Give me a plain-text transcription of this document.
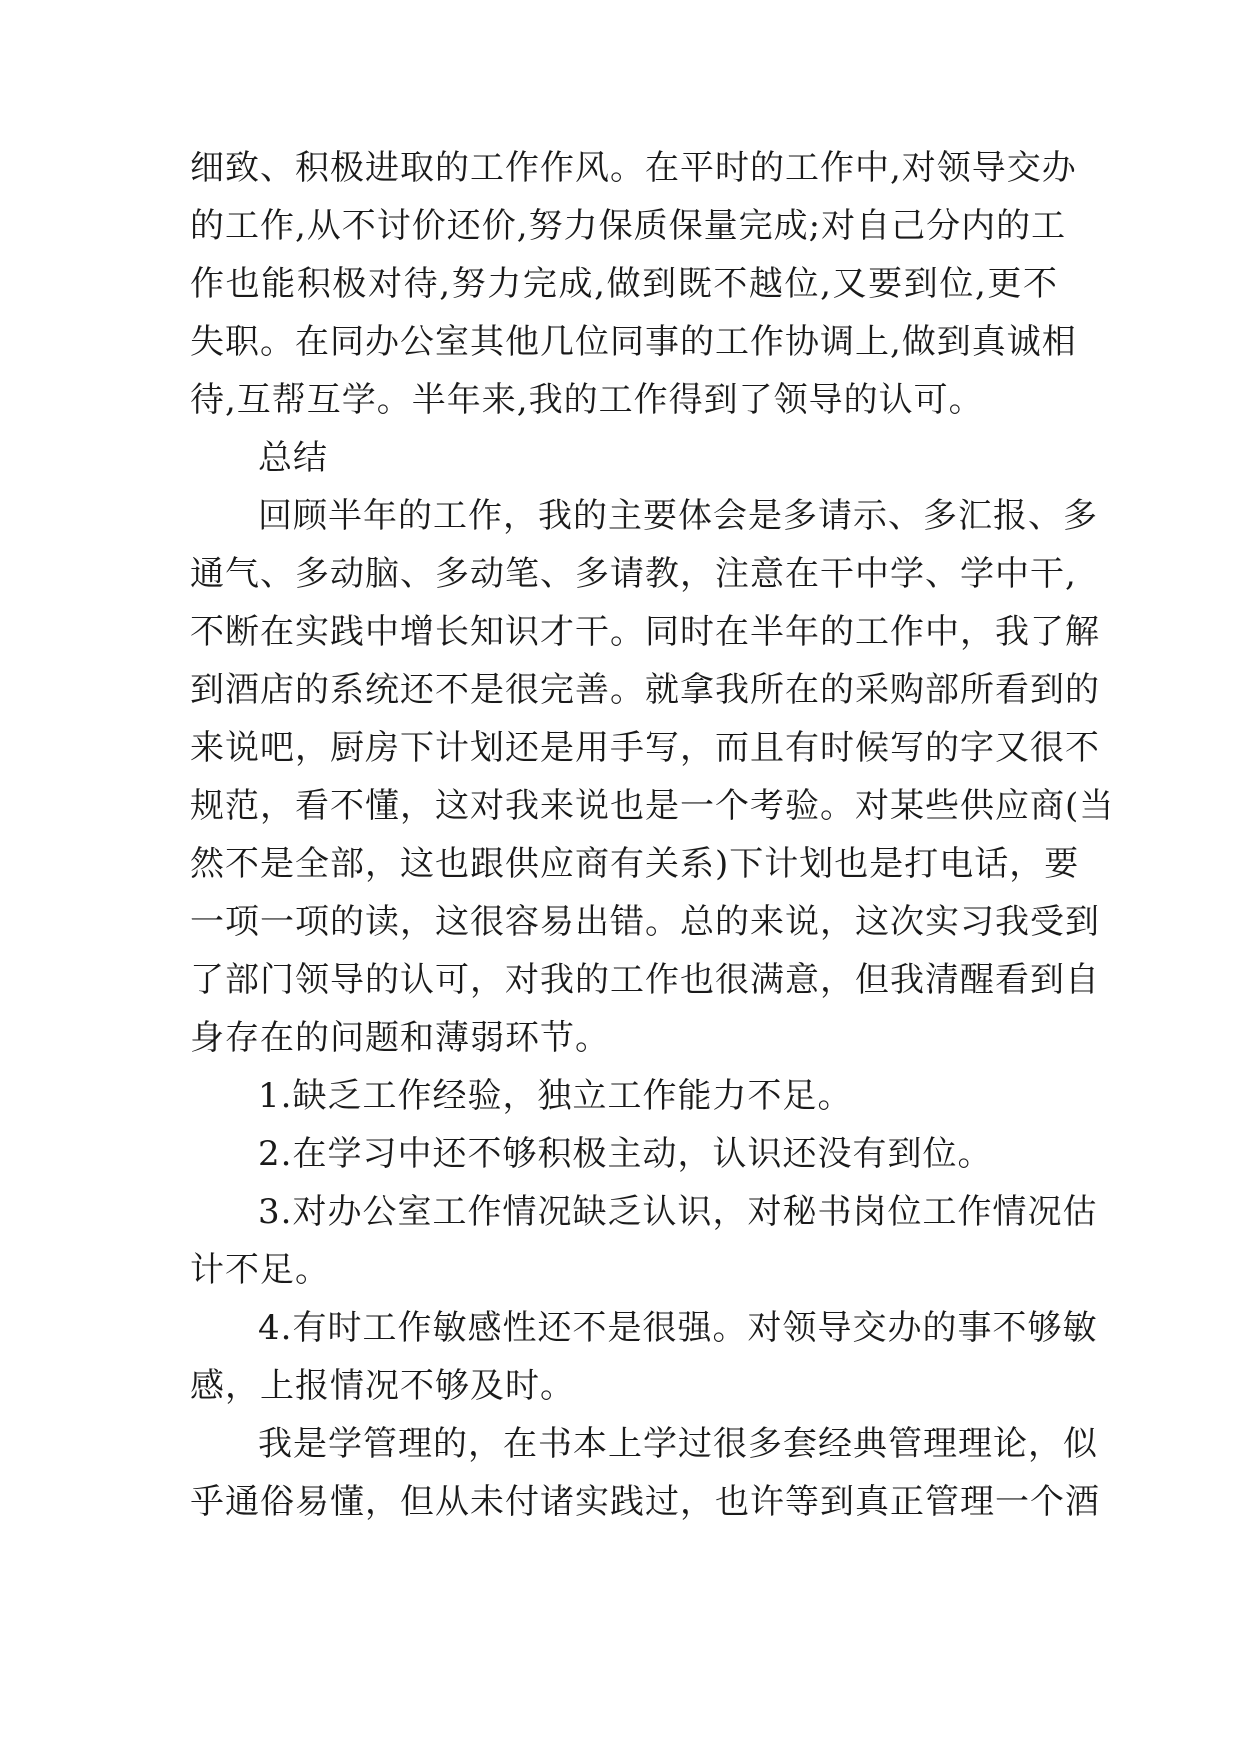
细致、积极进取的工作作风。在平时的工作中,对领导交办
的工作,从不讨价还价,努力保质保量完成;对自己分内的工
作也能积极对待,努力完成,做到既不越位,又要到位,更不
失职。在同办公室其他几位同事的工作协调上,做到真诚相
待,互帮互学。半年来,我的工作得到了领导的认可。
总结
回顾半年的工作，我的主要体会是多请示、多汇报、多
通气、多动脑、多动笔、多请教，注意在干中学、学中干,
不断在实践中增长知识才干。同时在半年的工作中，我了解
到酒店的系统还不是很完善。就拿我所在的采购部所看到的
来说吧，厨房下计划还是用手写，而且有时候写的字又很不
规范，看不懂，这对我来说也是一个考验。对某些供应商(当
然不是全部，这也跟供应商有关系)下计划也是打电话，要
一项一项的读，这很容易出错。总的来说，这次实习我受到
了部门领导的认可，对我的工作也很满意，但我清醒看到自
身存在的问题和薄弱环节。
1.缺乏工作经验，独立工作能力不足。
2.在学习中还不够积极主动，认识还没有到位。
3.对办公室工作情况缺乏认识，对秘书岗位工作情况估
计不足。
4.有时工作敏感性还不是很强。对领导交办的事不够敏
感，上报情况不够及时。
我是学管理的，在书本上学过很多套经典管理理论，似
乎通俗易懂，但从未付诸实践过，也许等到真正管理一个酒
